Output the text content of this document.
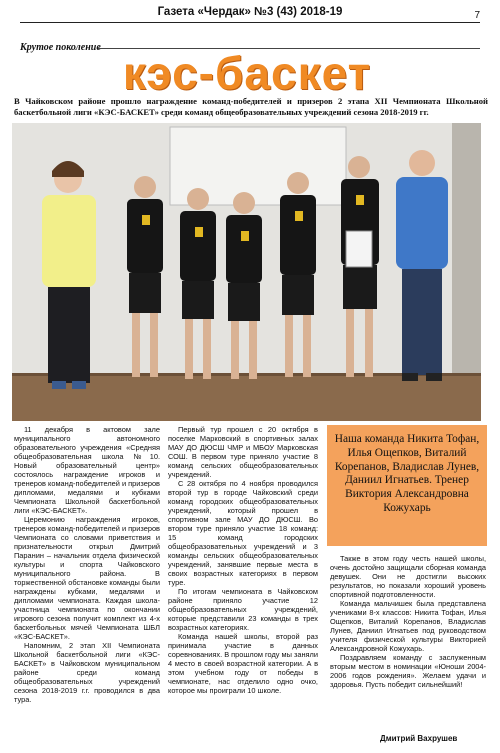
Газета «Чердак» №3 (43) 2018-19	7
Крутое поколение кэс-баскет
В Чайковском районе прошло награждение команд-победителей и призеров 2 этапа XII Чемпионата Школьной баскетбольной лиги «КЭС-БАСКЕТ» среди команд общеобразовательных учреждений сезона 2018-2019 гг.

11 декабря в актовом зале муниципального автономного образовательного учреждения «Средняя общеобразовательная школа №10. Новый образовательный центр» состоялось награждение игроков и тренеров команд-победителей и призеров дипломами, медалями и кубками Чемпионата Школьной баскетбольной лиги «КЭС-БАСКЕТ».

Церемонию награждения игроков, тренеров команд-победителей и призеров Чемпионата со словами приветствия и признательности открыл Дмитрий Паранин – начальник отдела физической культуры и спорта Чайковского муниципального района. В торжественной обстановке команды были награждены кубками, медалями и дипломами чемпионата. Каждая школа-участница чемпионата по окончании игрового сезона получит комплект из 4-х баскетбольных мячей Чемпионата ШБЛ «КЭС-БАСКЕТ».

Напомним, 2 этап XII Чемпионата Школьной баскетбольной лиги «КЭС-БАСКЕТ» в Чайковском муниципальном районе среди команд общеобразовательных учреждений сезона 2018-2019 г.г. проводился в два тура.

Первый тур прошел с 20 октября в поселке Марковский в спортивных залах МАУ ДО ДЮСШ ЧМР и МБОУ Марковская СОШ. В первом туре приняло участие 8 команд сельских общеобразовательных учреждений.

С 28 октября по 4 ноября проводился второй тур в городе Чайковский среди команд городских общеобразовательных учреждений, который прошел в спортивном зале МАУ ДО ДЮСШ. Во втором туре приняло участие 18 команд: 15 команд городских общеобразовательных учреждений и 3 команды сельских общеобразовательных учреждений, занявшие первые места в своих возрастных категориях в первом туре.

По итогам чемпионата в Чайковском районе приняло участие 12 общеобразовательных учреждений, которые представили 23 команды в трех возрастных категориях.

Команда нашей школы, второй раз принимала участие в данных соревнованиях. В прошлом году мы заняли 4 место в своей возрастной категории. А в этом учебном году от победы в чемпионате, нас отделило одно очко, которое мы проиграли 10 школе.

Наша команда Никита Тофан, Илья Ощепков, Виталий Корепанов, Владислав Лунев, Даниил Игнатьев. Тренер Виктория Александровна Кожухарь

Также в этом году честь нашей школы, очень достойно защищали сборная команда девушек. Они не достигли высоких результатов, но показали хороший уровень спортивной подготовленности.

Команда мальчишек была представлена учениками 8-х классов: Никита Тофан, Илья Ощепков, Виталий Корепанов, Владислав Лунев, Даниил Игнатьев под руководством учителя физической культуры Викторией Александровной Кожухарь.

Поздравляем команду с заслуженным вторым местом в номинации «Юноши 2004-2006 годов рождения». Желаем удачи и здоровья. Пусть победит сильнейший!

Дмитрий Вахрушев
